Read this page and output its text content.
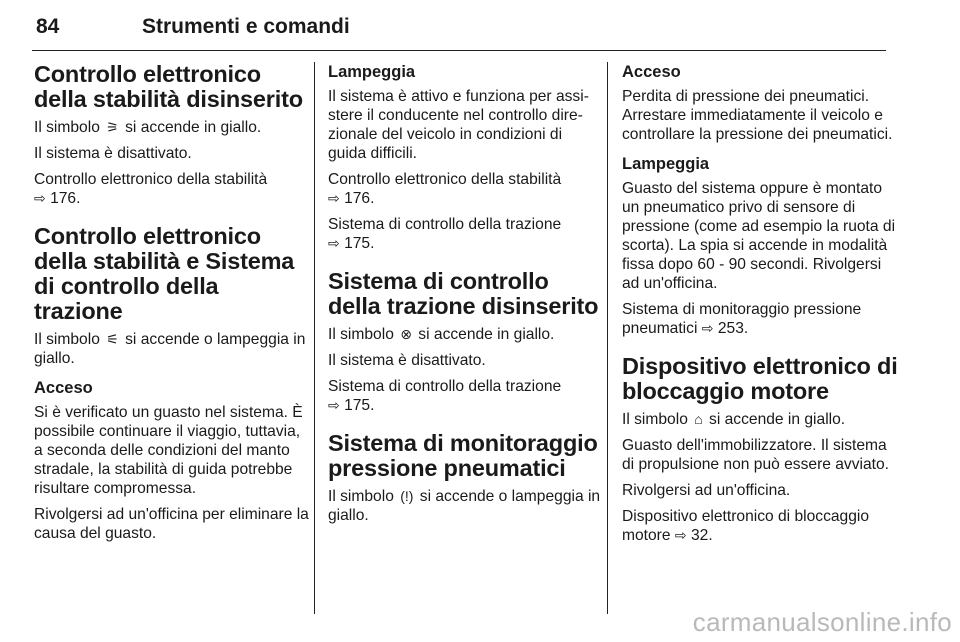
84	Strumenti e comandi
Controllo elettronico della stabilità disinserito

Il simbolo ⚞ si accende in giallo.

Il sistema è disattivato.

Controllo elettronico della stabilità
⇨ 176.

Controllo elettronico della stabilità e Sistema di controllo della trazione

Il simbolo ⚟ si accende o lampeggia in giallo.

Acceso

Si è verificato un guasto nel sistema. È possibile continuare il viaggio, tuttavia, a seconda delle condizioni del manto stradale, la stabilità di guida potrebbe risultare compromessa.

Rivolgersi ad un'officina per eliminare la causa del guasto.

Lampeggia

Il sistema è attivo e funziona per assistere il conducente nel controllo direzionale del veicolo in condizioni di guida difficili.

Controllo elettronico della stabilità
⇨ 176.

Sistema di controllo della trazione
⇨ 175.

Sistema di controllo della trazione disinserito

Il simbolo ⊗ si accende in giallo.

Il sistema è disattivato.

Sistema di controllo della trazione
⇨ 175.

Sistema di monitoraggio pressione pneumatici

Il simbolo (!) si accende o lampeggia in giallo.

Acceso

Perdita di pressione dei pneumatici. Arrestare immediatamente il veicolo e controllare la pressione dei pneumatici.

Lampeggia

Guasto del sistema oppure è montato un pneumatico privo di sensore di pressione (come ad esempio la ruota di scorta). La spia si accende in modalità fissa dopo 60 - 90 secondi. Rivolgersi ad un'officina.

Sistema di monitoraggio pressione pneumatici ⇨ 253.

Dispositivo elettronico di bloccaggio motore

Il simbolo ⌂ si accende in giallo.

Guasto dell'immobilizzatore. Il sistema di propulsione non può essere avviato.

Rivolgersi ad un'officina.

Dispositivo elettronico di bloccaggio motore ⇨ 32.

carmanualsonline.info
